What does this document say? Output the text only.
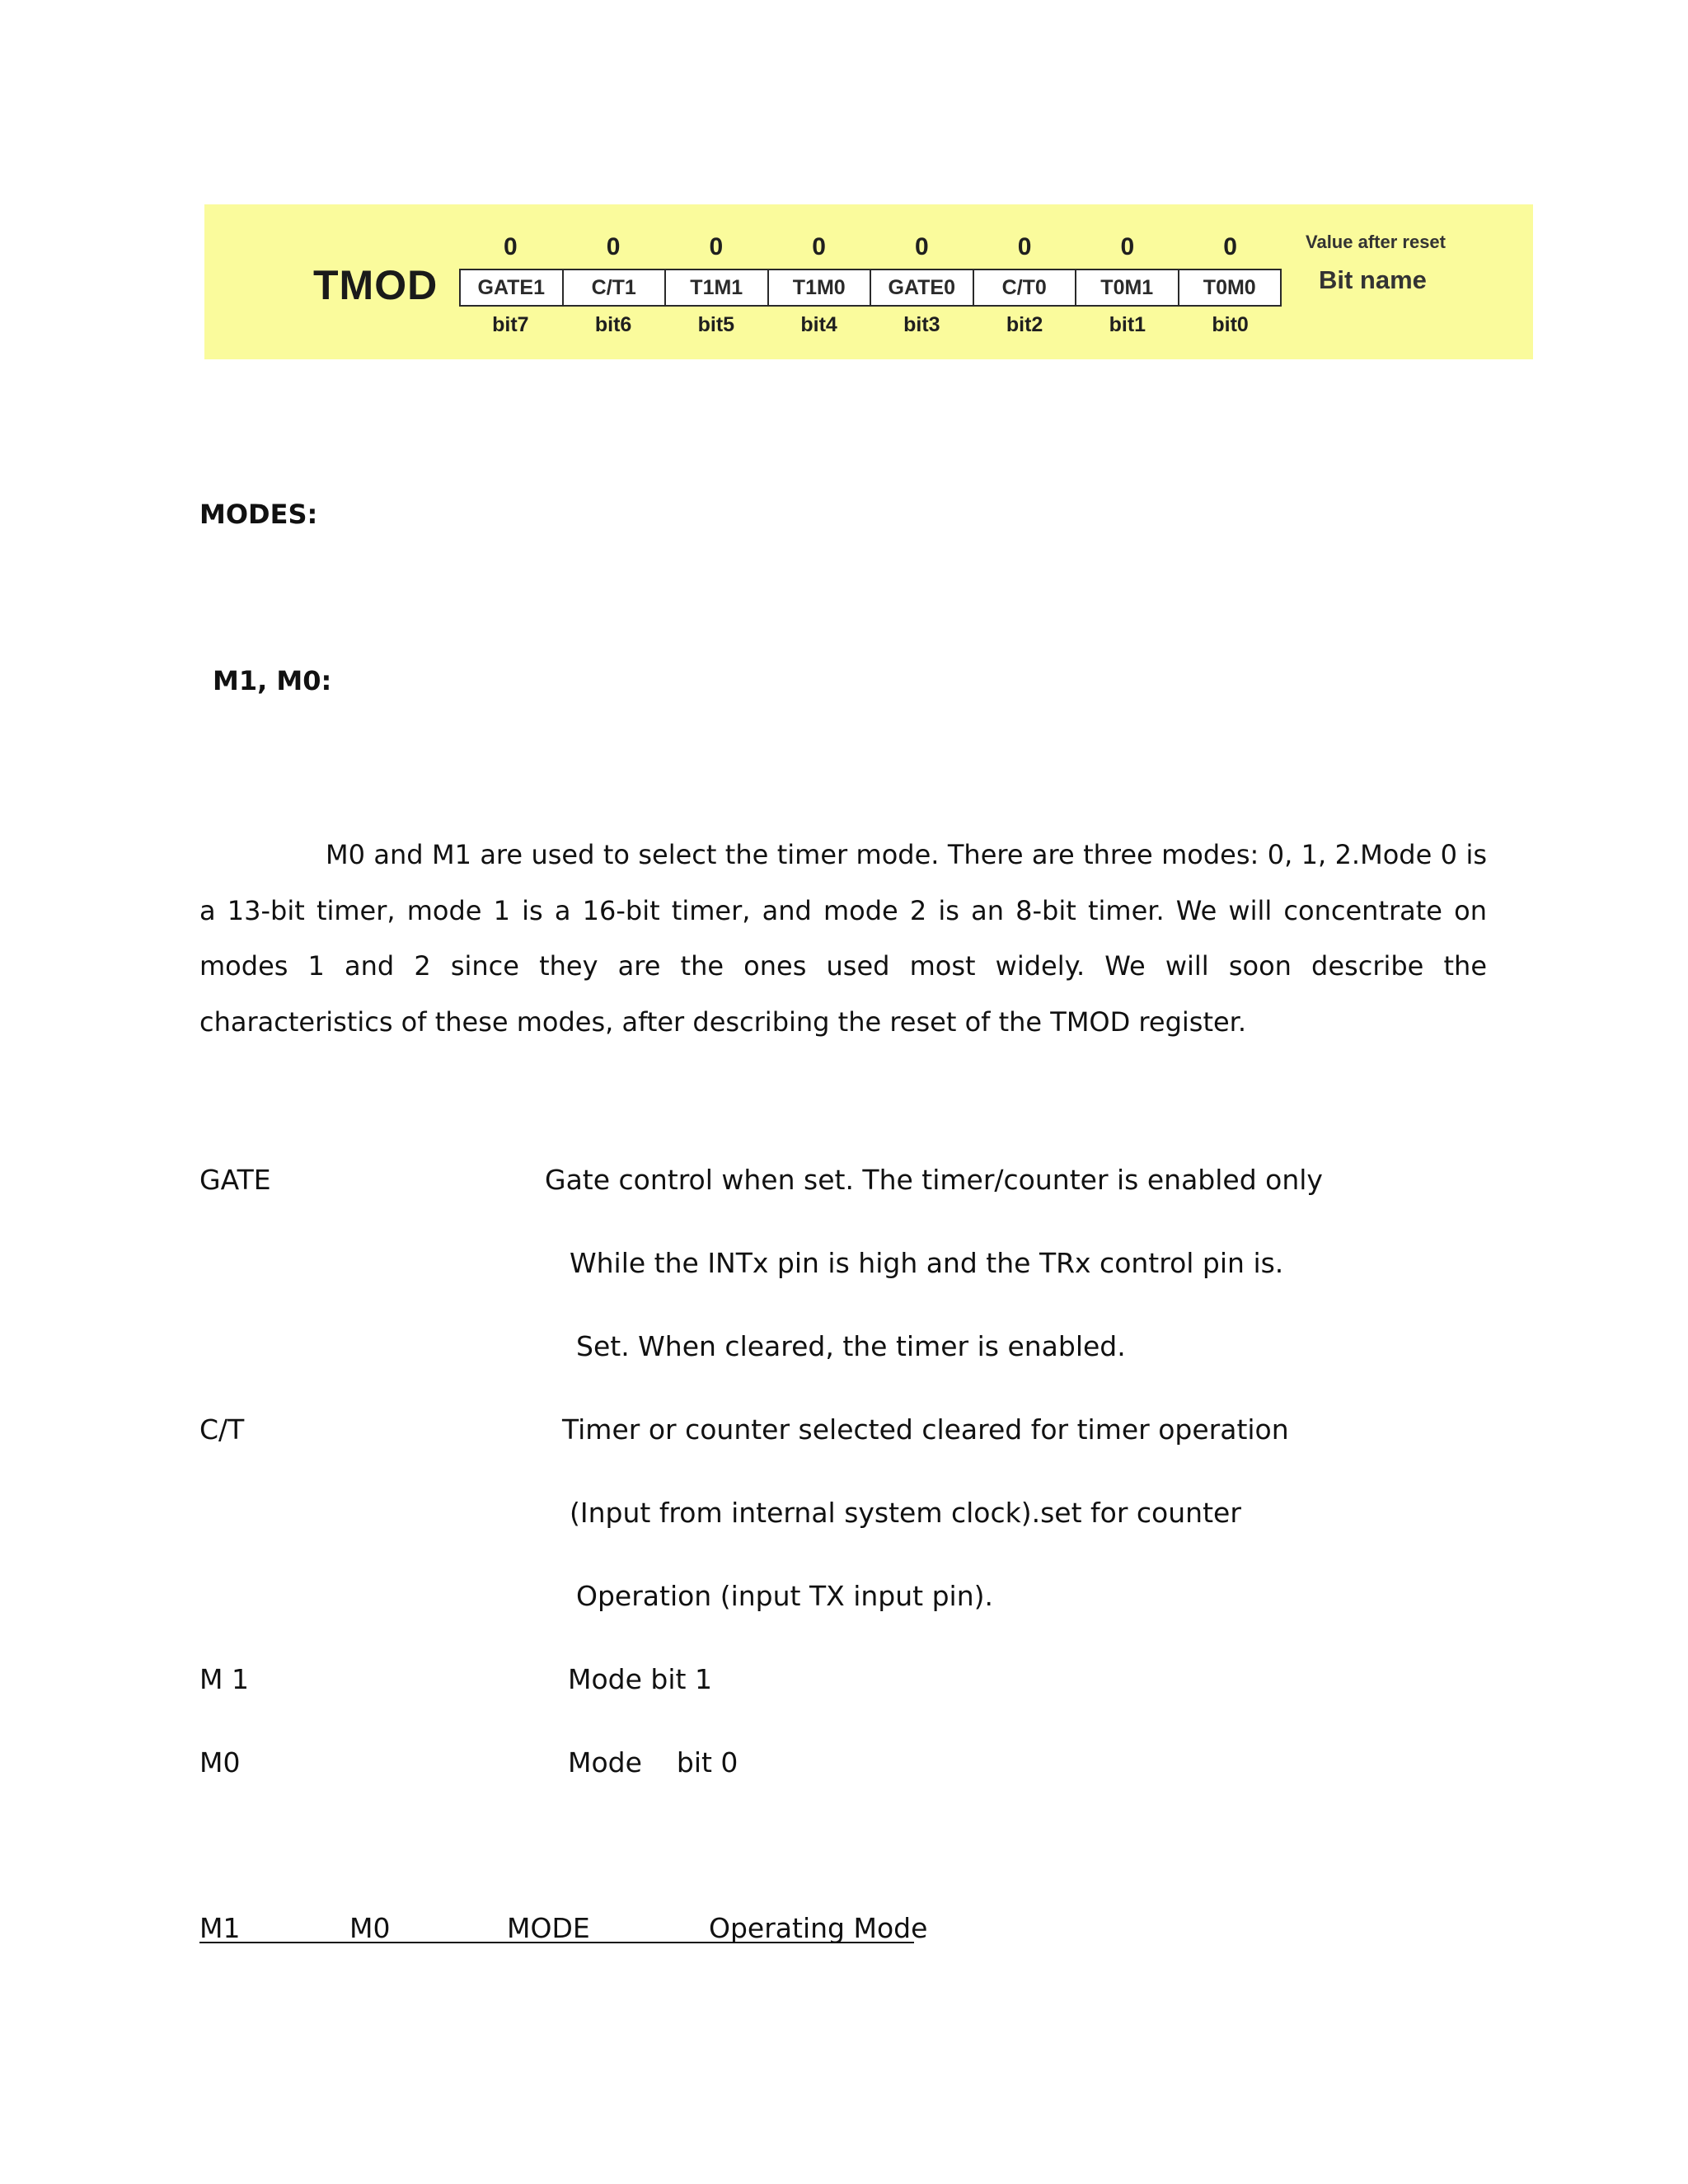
TMOD
0	0	0	0	0	0	0	0
GATE1	C/T1	T1M1	T1M0	GATE0	C/T0	T0M1	T0M0
bit7	bit6	bit5	bit4	bit3	bit2	bit1	bit0
Value after reset
Bit name
MODES:
M1, M0:
M0 and M1 are used to select the timer mode. There are three modes: 0, 1, 2.Mode 0 is a 13-bit timer, mode 1 is a 16-bit timer, and mode 2 is an 8-bit timer. We will concentrate on modes 1 and 2 since they are the ones used most widely. We will soon describe the characteristics of these modes, after describing the reset of the TMOD register.
GATE	Gate control when set. The timer/counter is enabled only
While the INTx pin is high and the TRx control pin is.
Set. When cleared, the timer is enabled.
C/T	Timer or counter selected cleared for timer operation
(Input from internal system clock).set for counter
Operation (input TX input pin).
M 1	Mode bit 1
M0	Mode    bit 0
M1	M0	MODE	Operating Mode
